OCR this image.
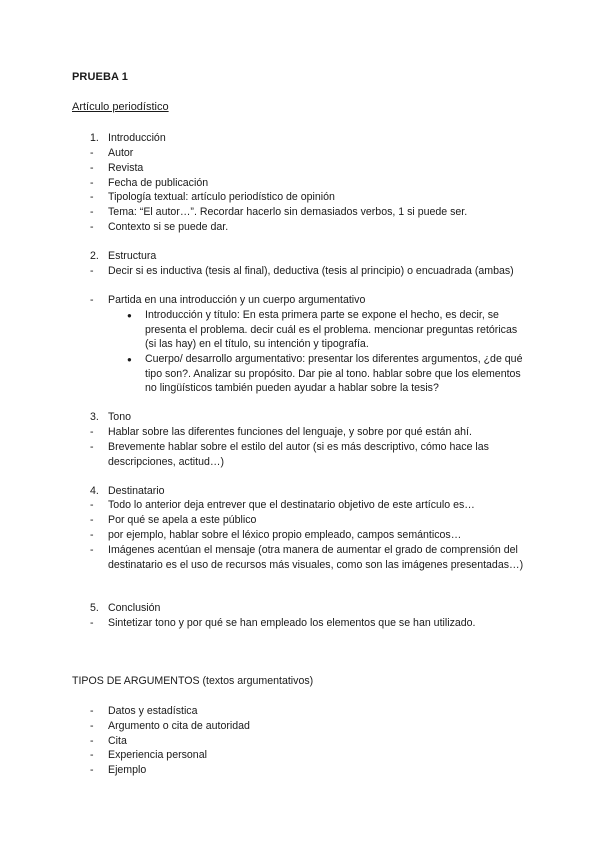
PRUEBA 1
Artículo periodístico
1. Introducción
- Autor
- Revista
- Fecha de publicación
- Tipología textual: artículo periodístico de opinión
- Tema: “El autor…”. Recordar hacerlo sin demasiados verbos, 1 si puede ser.
- Contexto si se puede dar.
2. Estructura
- Decir si es inductiva (tesis al final), deductiva (tesis al principio) o encuadrada (ambas)
- Partida en una introducción y un cuerpo argumentativo
● Introducción y título: En esta primera parte se expone el hecho, es decir, se presenta el problema. decir cuál es el problema. mencionar preguntas retóricas (si las hay) en el título, su intención y tipografía.
● Cuerpo/ desarrollo argumentativo: presentar los diferentes argumentos, ¿de qué tipo son?. Analizar su propósito. Dar pie al tono. hablar sobre que los elementos no lingüísticos también pueden ayudar a hablar sobre la tesis?
3. Tono
- Hablar sobre las diferentes funciones del lenguaje, y sobre por qué están ahí.
- Brevemente hablar sobre el estilo del autor (si es más descriptivo, cómo hace las descripciones, actitud…)
4. Destinatario
- Todo lo anterior deja entrever que el destinatario objetivo de este artículo es…
- Por qué se apela a este público
- por ejemplo, hablar sobre el léxico propio empleado, campos semánticos…
- Imágenes acentúan el mensaje (otra manera de aumentar el grado de comprensión del destinatario es el uso de recursos más visuales, como son las imágenes presentadas…)
5. Conclusión
- Sintetizar tono y por qué se han empleado los elementos que se han utilizado.
TIPOS DE ARGUMENTOS (textos argumentativos)
- Datos y estadística
- Argumento o cita de autoridad
- Cita
- Experiencia personal
- Ejemplo
